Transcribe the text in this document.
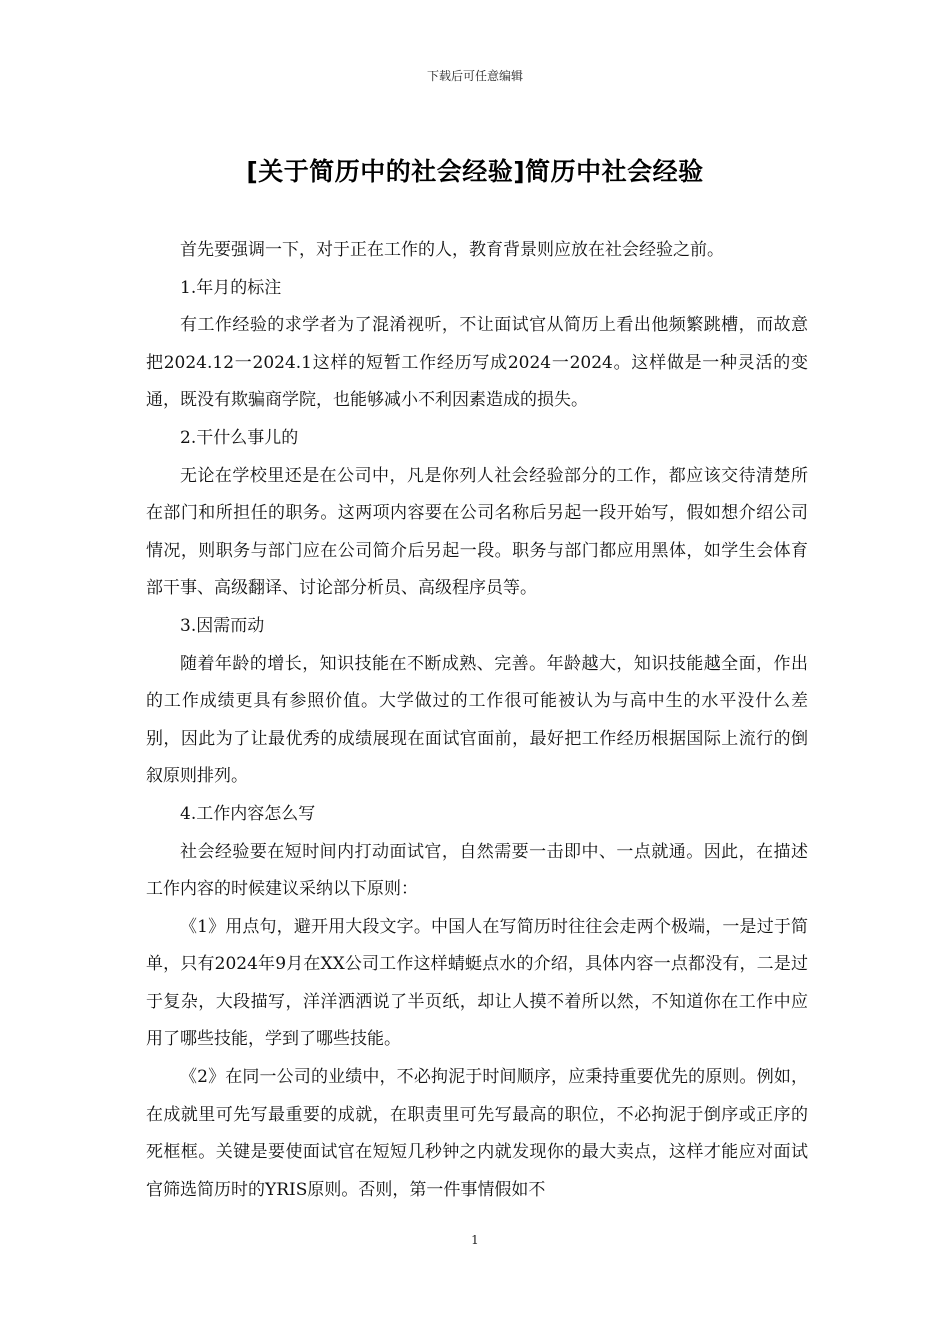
下载后可任意编辑
[关于简历中的社会经验]简历中社会经验

首先要强调一下，对于正在工作的人，教育背景则应放在社会经验之前。

1.年月的标注

有工作经验的求学者为了混淆视听，不让面试官从简历上看出他频繁跳槽，而故意把2024.12一2024.1这样的短暂工作经历写成2024一2024。这样做是一种灵活的变通，既没有欺骗商学院，也能够减小不利因素造成的损失。

2.干什么事儿的

无论在学校里还是在公司中，凡是你列人社会经验部分的工作，都应该交待清楚所在部门和所担任的职务。这两项内容要在公司名称后另起一段开始写，假如想介绍公司情况，则职务与部门应在公司简介后另起一段。职务与部门都应用黑体，如学生会体育部干事、高级翻译、讨论部分析员、高级程序员等。

3.因需而动

随着年龄的增长，知识技能在不断成熟、完善。年龄越大，知识技能越全面，作出的工作成绩更具有参照价值。大学做过的工作很可能被认为与高中生的水平没什么差别，因此为了让最优秀的成绩展现在面试官面前，最好把工作经历根据国际上流行的倒叙原则排列。

4.工作内容怎么写

社会经验要在短时间内打动面试官，自然需要一击即中、一点就通。因此，在描述工作内容的时候建议采纳以下原则：

《1》用点句，避开用大段文字。中国人在写简历时往往会走两个极端，一是过于简单，只有2024年9月在XX公司工作这样蜻蜓点水的介绍，具体内容一点都没有，二是过于复杂，大段描写，洋洋洒洒说了半页纸，却让人摸不着所以然，不知道你在工作中应用了哪些技能，学到了哪些技能。

《2》在同一公司的业绩中，不必拘泥于时间顺序，应秉持重要优先的原则。例如，在成就里可先写最重要的成就，在职责里可先写最高的职位，不必拘泥于倒序或正序的死框框。关键是要使面试官在短短几秒钟之内就发现你的最大卖点，这样才能应对面试官筛选简历时的YRIS原则。否则，第一件事情假如不

1
